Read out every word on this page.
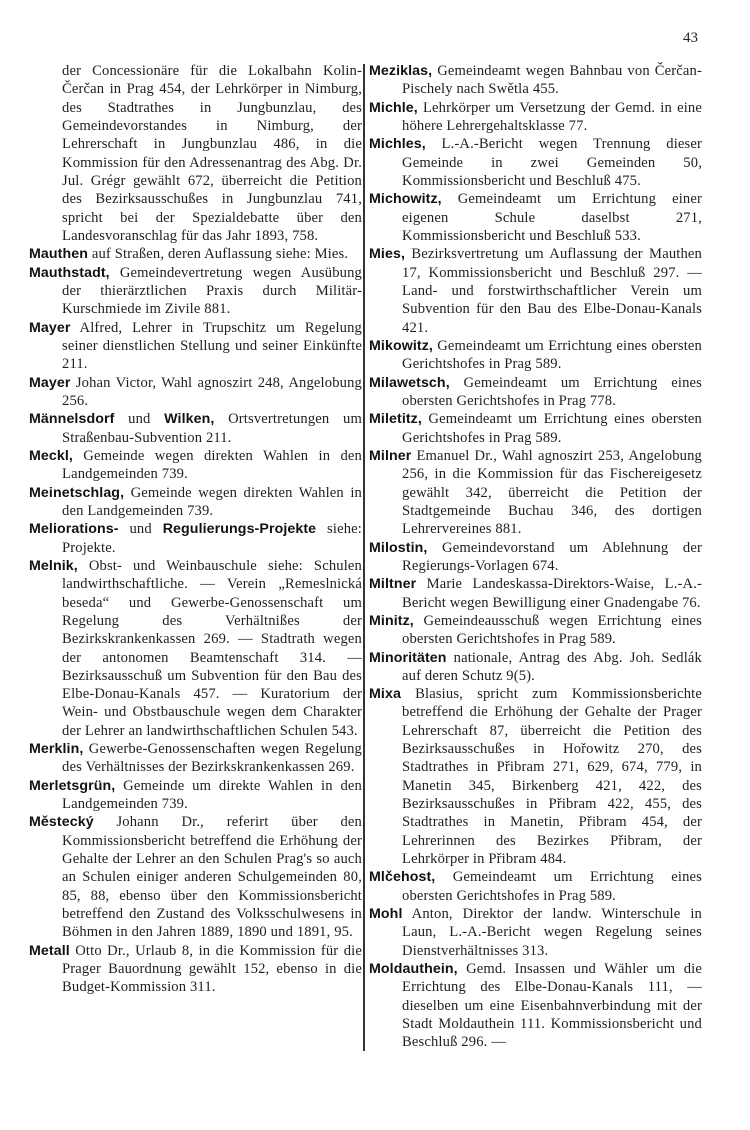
43
der Concessionäre für die Lokalbahn Kolin-Čerčan in Prag 454, der Lehrkörper in Nimburg, des Stadtrathes in Jungbunzlau, des Gemeindevorstandes in Nimburg, der Lehrerschaft in Jungbunzlau 486, in die Kommission für den Adressenantrag des Abg. Dr. Jul. Grégr gewählt 672, überreicht die Petition des Bezirksausschußes in Jungbunzlau 741, spricht bei der Spezialdebatte über den Landesvoranschlag für das Jahr 1893, 758.
Mauthen auf Straßen, deren Auflassung siehe: Mies.
Mauthstadt, Gemeindevertretung wegen Ausübung der thierärztlichen Praxis durch Militär-Kurschmiede im Zivile 881.
Mayer Alfred, Lehrer in Trupschitz um Regelung seiner dienstlichen Stellung und seiner Einkünfte 211.
Mayer Johan Victor, Wahl agnoszirt 248, Angelobung 256.
Männelsdorf und Wilken, Ortsvertretungen um Straßenbau-Subvention 211.
Meckl, Gemeinde wegen direkten Wahlen in den Landgemeinden 739.
Meinetschlag, Gemeinde wegen direkten Wahlen in den Landgemeinden 739.
Meliorations- und Regulierungs-Projekte siehe: Projekte.
Melnik, Obst- und Weinbauschule siehe: Schulen landwirthschaftliche. — Verein „Remeslnická beseda“ und Gewerbe-Genossenschaft um Regelung des Verhältnißes der Bezirkskrankenkassen 269. — Stadtrath wegen der antonomen Beamtenschaft 314. — Bezirksausschuß um Subvention für den Bau des Elbe-Donau-Kanals 457. — Kuratorium der Wein- und Obstbauschule wegen dem Charakter der Lehrer an landwirthschaftlichen Schulen 543.
Merklin, Gewerbe-Genossenschaften wegen Regelung des Verhältnisses der Bezirkskrankenkassen 269.
Merletsgrün, Gemeinde um direkte Wahlen in den Landgemeinden 739.
Městecký Johann Dr., referirt über den Kommissionsbericht betreffend die Erhöhung der Gehalte der Lehrer an den Schulen Prag's so auch an Schulen einiger anderen Schulgemeinden 80, 85, 88, ebenso über den Kommissionsbericht betreffend den Zustand des Volksschulwesens in Böhmen in den Jahren 1889, 1890 und 1891, 95.
Metall Otto Dr., Urlaub 8, in die Kommission für die Prager Bauordnung gewählt 152, ebenso in die Budget-Kommission 311.
Meziklas, Gemeindeamt wegen Bahnbau von Čerčan-Pischely nach Swětla 455.
Michle, Lehrkörper um Versetzung der Gemd. in eine höhere Lehrergehaltsklasse 77.
Michles, L.-A.-Bericht wegen Trennung dieser Gemeinde in zwei Gemeinden 50, Kommissionsbericht und Beschluß 475.
Michowitz, Gemeindeamt um Errichtung einer eigenen Schule daselbst 271, Kommissionsbericht und Beschluß 533.
Mies, Bezirksvertretung um Auflassung der Mauthen 17, Kommissionsbericht und Beschluß 297. — Land- und forstwirthschaftlicher Verein um Subvention für den Bau des Elbe-Donau-Kanals 421.
Mikowitz, Gemeindeamt um Errichtung eines obersten Gerichtshofes in Prag 589.
Milawetsch, Gemeindeamt um Errichtung eines obersten Gerichtshofes in Prag 778.
Miletitz, Gemeindeamt um Errichtung eines obersten Gerichtshofes in Prag 589.
Milner Emanuel Dr., Wahl agnoszirt 253, Angelobung 256, in die Kommission für das Fischereigesetz gewählt 342, überreicht die Petition der Stadtgemeinde Buchau 346, des dortigen Lehrervereines 881.
Milostin, Gemeindevorstand um Ablehnung der Regierungs-Vorlagen 674.
Miltner Marie Landeskassa-Direktors-Waise, L.-A.-Bericht wegen Bewilligung einer Gnadengabe 76.
Minitz, Gemeindeausschuß wegen Errichtung eines obersten Gerichtshofes in Prag 589.
Minoritäten nationale, Antrag des Abg. Joh. Sedlák auf deren Schutz 9(5).
Mixa Blasius, spricht zum Kommissionsberichte betreffend die Erhöhung der Gehalte der Prager Lehrerschaft 87, überreicht die Petition des Bezirksausschußes in Hořowitz 270, des Stadtrathes in Přibram 271, 629, 674, 779, in Manetin 345, Birkenberg 421, 422, des Bezirksausschußes in Přibram 422, 455, des Stadtrathes in Manetin, Přibram 454, der Lehrerinnen des Bezirkes Přibram, der Lehrkörper in Přibram 484.
Mlčehost, Gemeindeamt um Errichtung eines obersten Gerichtshofes in Prag 589.
Mohl Anton, Direktor der landw. Winterschule in Laun, L.-A.-Bericht wegen Regelung seines Dienstverhältnisses 313.
Moldauthein, Gemd. Insassen und Wähler um die Errichtung des Elbe-Donau-Kanals 111, — dieselben um eine Eisenbahnverbindung mit der Stadt Moldauthein 111. Kommissionsbericht und Beschluß 296. —
